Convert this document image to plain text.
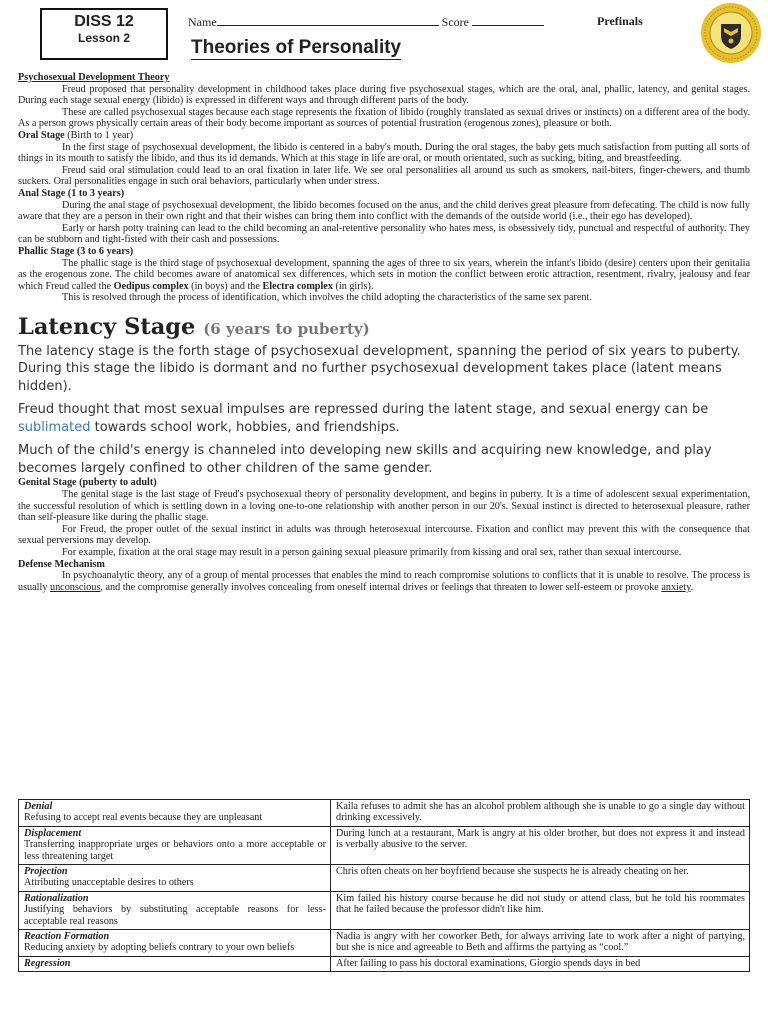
DISS 12
Lesson 2
Name	Score	Prefinals
Theories of Personality

Psychosexual Development Theory

Freud proposed that personality development in childhood takes place during five psychosexual stages, which are the oral, anal, phallic, latency, and genital stages. During each stage sexual energy (libido) is expressed in different ways and through different parts of the body.

These are called psychosexual stages because each stage represents the fixation of libido (roughly translated as sexual drives or instincts) on a different area of the body. As a person grows physically certain areas of their body become important as sources of potential frustration (erogenous zones), pleasure or both.

Oral Stage (Birth to 1 year)

In the first stage of psychosexual development, the libido is centered in a baby's mouth. During the oral stages, the baby gets much satisfaction from putting all sorts of things in its mouth to satisfy the libido, and thus its id demands. Which at this stage in life are oral, or mouth orientated, such as sucking, biting, and breastfeeding.

Freud said oral stimulation could lead to an oral fixation in later life. We see oral personalities all around us such as smokers, nail-biters, finger-chewers, and thumb suckers. Oral personalities engage in such oral behaviors, particularly when under stress.

Anal Stage (1 to 3 years)

During the anal stage of psychosexual development, the libido becomes focused on the anus, and the child derives great pleasure from defecating. The child is now fully aware that they are a person in their own right and that their wishes can bring them into conflict with the demands of the outside world (i.e., their ego has developed).

Early or harsh potty training can lead to the child becoming an anal-retentive personality who hates mess, is obsessively tidy, punctual and respectful of authority. They can be stubborn and tight-fisted with their cash and possessions.

Phallic Stage (3 to 6 years)

The phallic stage is the third stage of psychosexual development, spanning the ages of three to six years, wherein the infant's libido (desire) centers upon their genitalia as the erogenous zone. The child becomes aware of anatomical sex differences, which sets in motion the conflict between erotic attraction, resentment, rivalry, jealousy and fear which Freud called the Oedipus complex (in boys) and the Electra complex (in girls).

This is resolved through the process of identification, which involves the child adopting the characteristics of the same sex parent.

Latency Stage (6 years to puberty)

The latency stage is the forth stage of psychosexual development, spanning the period of six years to puberty. During this stage the libido is dormant and no further psychosexual development takes place (latent means hidden).

Freud thought that most sexual impulses are repressed during the latent stage, and sexual energy can be sublimated towards school work, hobbies, and friendships.

Much of the child's energy is channeled into developing new skills and acquiring new knowledge, and play becomes largely confined to other children of the same gender.

Genital Stage (puberty to adult)

The genital stage is the last stage of Freud's psychosexual theory of personality development, and begins in puberty. It is a time of adolescent sexual experimentation, the successful resolution of which is settling down in a loving one-to-one relationship with another person in our 20's. Sexual instinct is directed to heterosexual pleasure, rather than self-pleasure like during the phallic stage.

For Freud, the proper outlet of the sexual instinct in adults was through heterosexual intercourse. Fixation and conflict may prevent this with the consequence that sexual perversions may develop.

For example, fixation at the oral stage may result in a person gaining sexual pleasure primarily from kissing and oral sex, rather than sexual intercourse.

Defense Mechanism

In psychoanalytic theory, any of a group of mental processes that enables the mind to reach compromise solutions to conflicts that it is unable to resolve. The process is usually unconscious, and the compromise generally involves concealing from oneself internal drives or feelings that threaten to lower self-esteem or provoke anxiety.

Denial
Refusing to accept real events because they are unpleasant	Kaila refuses to admit she has an alcohol problem although she is unable to go a single day without drinking excessively.

Displacement
Transferring inappropriate urges or behaviors onto a more acceptable or less threatening target	During lunch at a restaurant, Mark is angry at his older brother, but does not express it and instead is verbally abusive to the server.

Projection
Attributing unacceptable desires to others	Chris often cheats on her boyfriend because she suspects he is already cheating on her.

Rationalization
Justifying behaviors by substituting acceptable reasons for less-acceptable real reasons	Kim failed his history course because he did not study or attend class, but he told his roommates that he failed because the professor didn't like him.

Reaction Formation
Reducing anxiety by adopting beliefs contrary to your own beliefs	Nadia is angry with her coworker Beth, for always arriving late to work after a night of partying, but she is nice and agreeable to Beth and affirms the partying as “cool.”

Regression	After failing to pass his doctoral examinations, Giorgio spends days in bed
